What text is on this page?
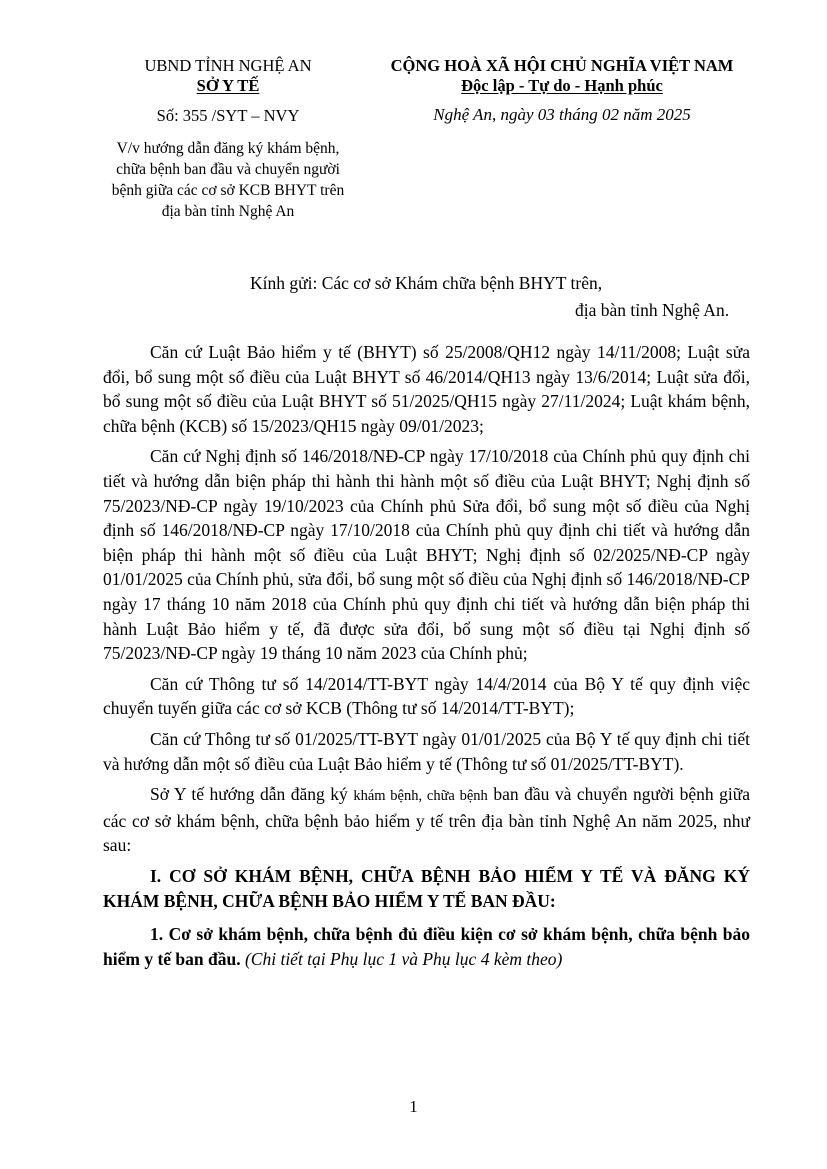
UBND TỈNH NGHỆ AN
SỞ Y TẾ
Số: 355 /SYT – NVY
V/v hướng dẫn đăng ký khám bệnh, chữa bệnh ban đầu và chuyển người bệnh giữa các cơ sở KCB BHYT trên địa bàn tỉnh Nghệ An
CỘNG HOÀ XÃ HỘI CHỦ NGHĨA VIỆT NAM
Độc lập - Tự do - Hạnh phúc
Nghệ An, ngày 03 tháng 02 năm 2025
Kính gửi: Các cơ sở Khám chữa bệnh BHYT trên,
địa bàn tỉnh Nghệ An.

Căn cứ Luật Bảo hiểm y tế (BHYT) số 25/2008/QH12 ngày 14/11/2008; Luật sửa đổi, bổ sung một số điều của Luật BHYT số 46/2014/QH13 ngày 13/6/2014; Luật sửa đổi, bổ sung một số điều của Luật BHYT số 51/2025/QH15 ngày 27/11/2024; Luật khám bệnh, chữa bệnh (KCB) số 15/2023/QH15 ngày 09/01/2023;

Căn cứ Nghị định số 146/2018/NĐ-CP ngày 17/10/2018 của Chính phủ quy định chi tiết và hướng dẫn biện pháp thi hành thi hành một số điều của Luật BHYT; Nghị định số 75/2023/NĐ-CP ngày 19/10/2023 của Chính phủ Sửa đổi, bổ sung một số điều của Nghị định số 146/2018/NĐ-CP ngày 17/10/2018 của Chính phủ quy định chi tiết và hướng dẫn biện pháp thi hành một số điều của Luật BHYT; Nghị định số 02/2025/NĐ-CP ngày 01/01/2025 của Chính phủ, sửa đổi, bổ sung một số điều của Nghị định số 146/2018/NĐ-CP ngày 17 tháng 10 năm 2018 của Chính phủ quy định chi tiết và hướng dẫn biện pháp thi hành Luật Bảo hiểm y tế, đã được sửa đổi, bổ sung một số điều tại Nghị định số 75/2023/NĐ-CP ngày 19 tháng 10 năm 2023 của Chính phủ;

Căn cứ Thông tư số 14/2014/TT-BYT ngày 14/4/2014 của Bộ Y tế quy định việc chuyển tuyến giữa các cơ sở KCB (Thông tư số 14/2014/TT-BYT);

Căn cứ Thông tư số 01/2025/TT-BYT ngày 01/01/2025 của Bộ Y tế quy định chi tiết và hướng dẫn một số điều của Luật Bảo hiểm y tế (Thông tư số 01/2025/TT-BYT).

Sở Y tế hướng dẫn đăng ký khám bệnh, chữa bệnh ban đầu và chuyển người bệnh giữa các cơ sở khám bệnh, chữa bệnh bảo hiểm y tế trên địa bàn tỉnh Nghệ An năm 2025, như sau:

I. CƠ SỞ KHÁM BỆNH, CHỮA BỆNH BẢO HIỂM Y TẾ VÀ ĐĂNG KÝ KHÁM BỆNH, CHỮA BỆNH BẢO HIỂM Y TẾ BAN ĐẦU:

1. Cơ sở khám bệnh, chữa bệnh đủ điều kiện cơ sở khám bệnh, chữa bệnh bảo hiểm y tế ban đầu. (Chi tiết tại Phụ lục 1 và Phụ lục 4 kèm theo)

1
